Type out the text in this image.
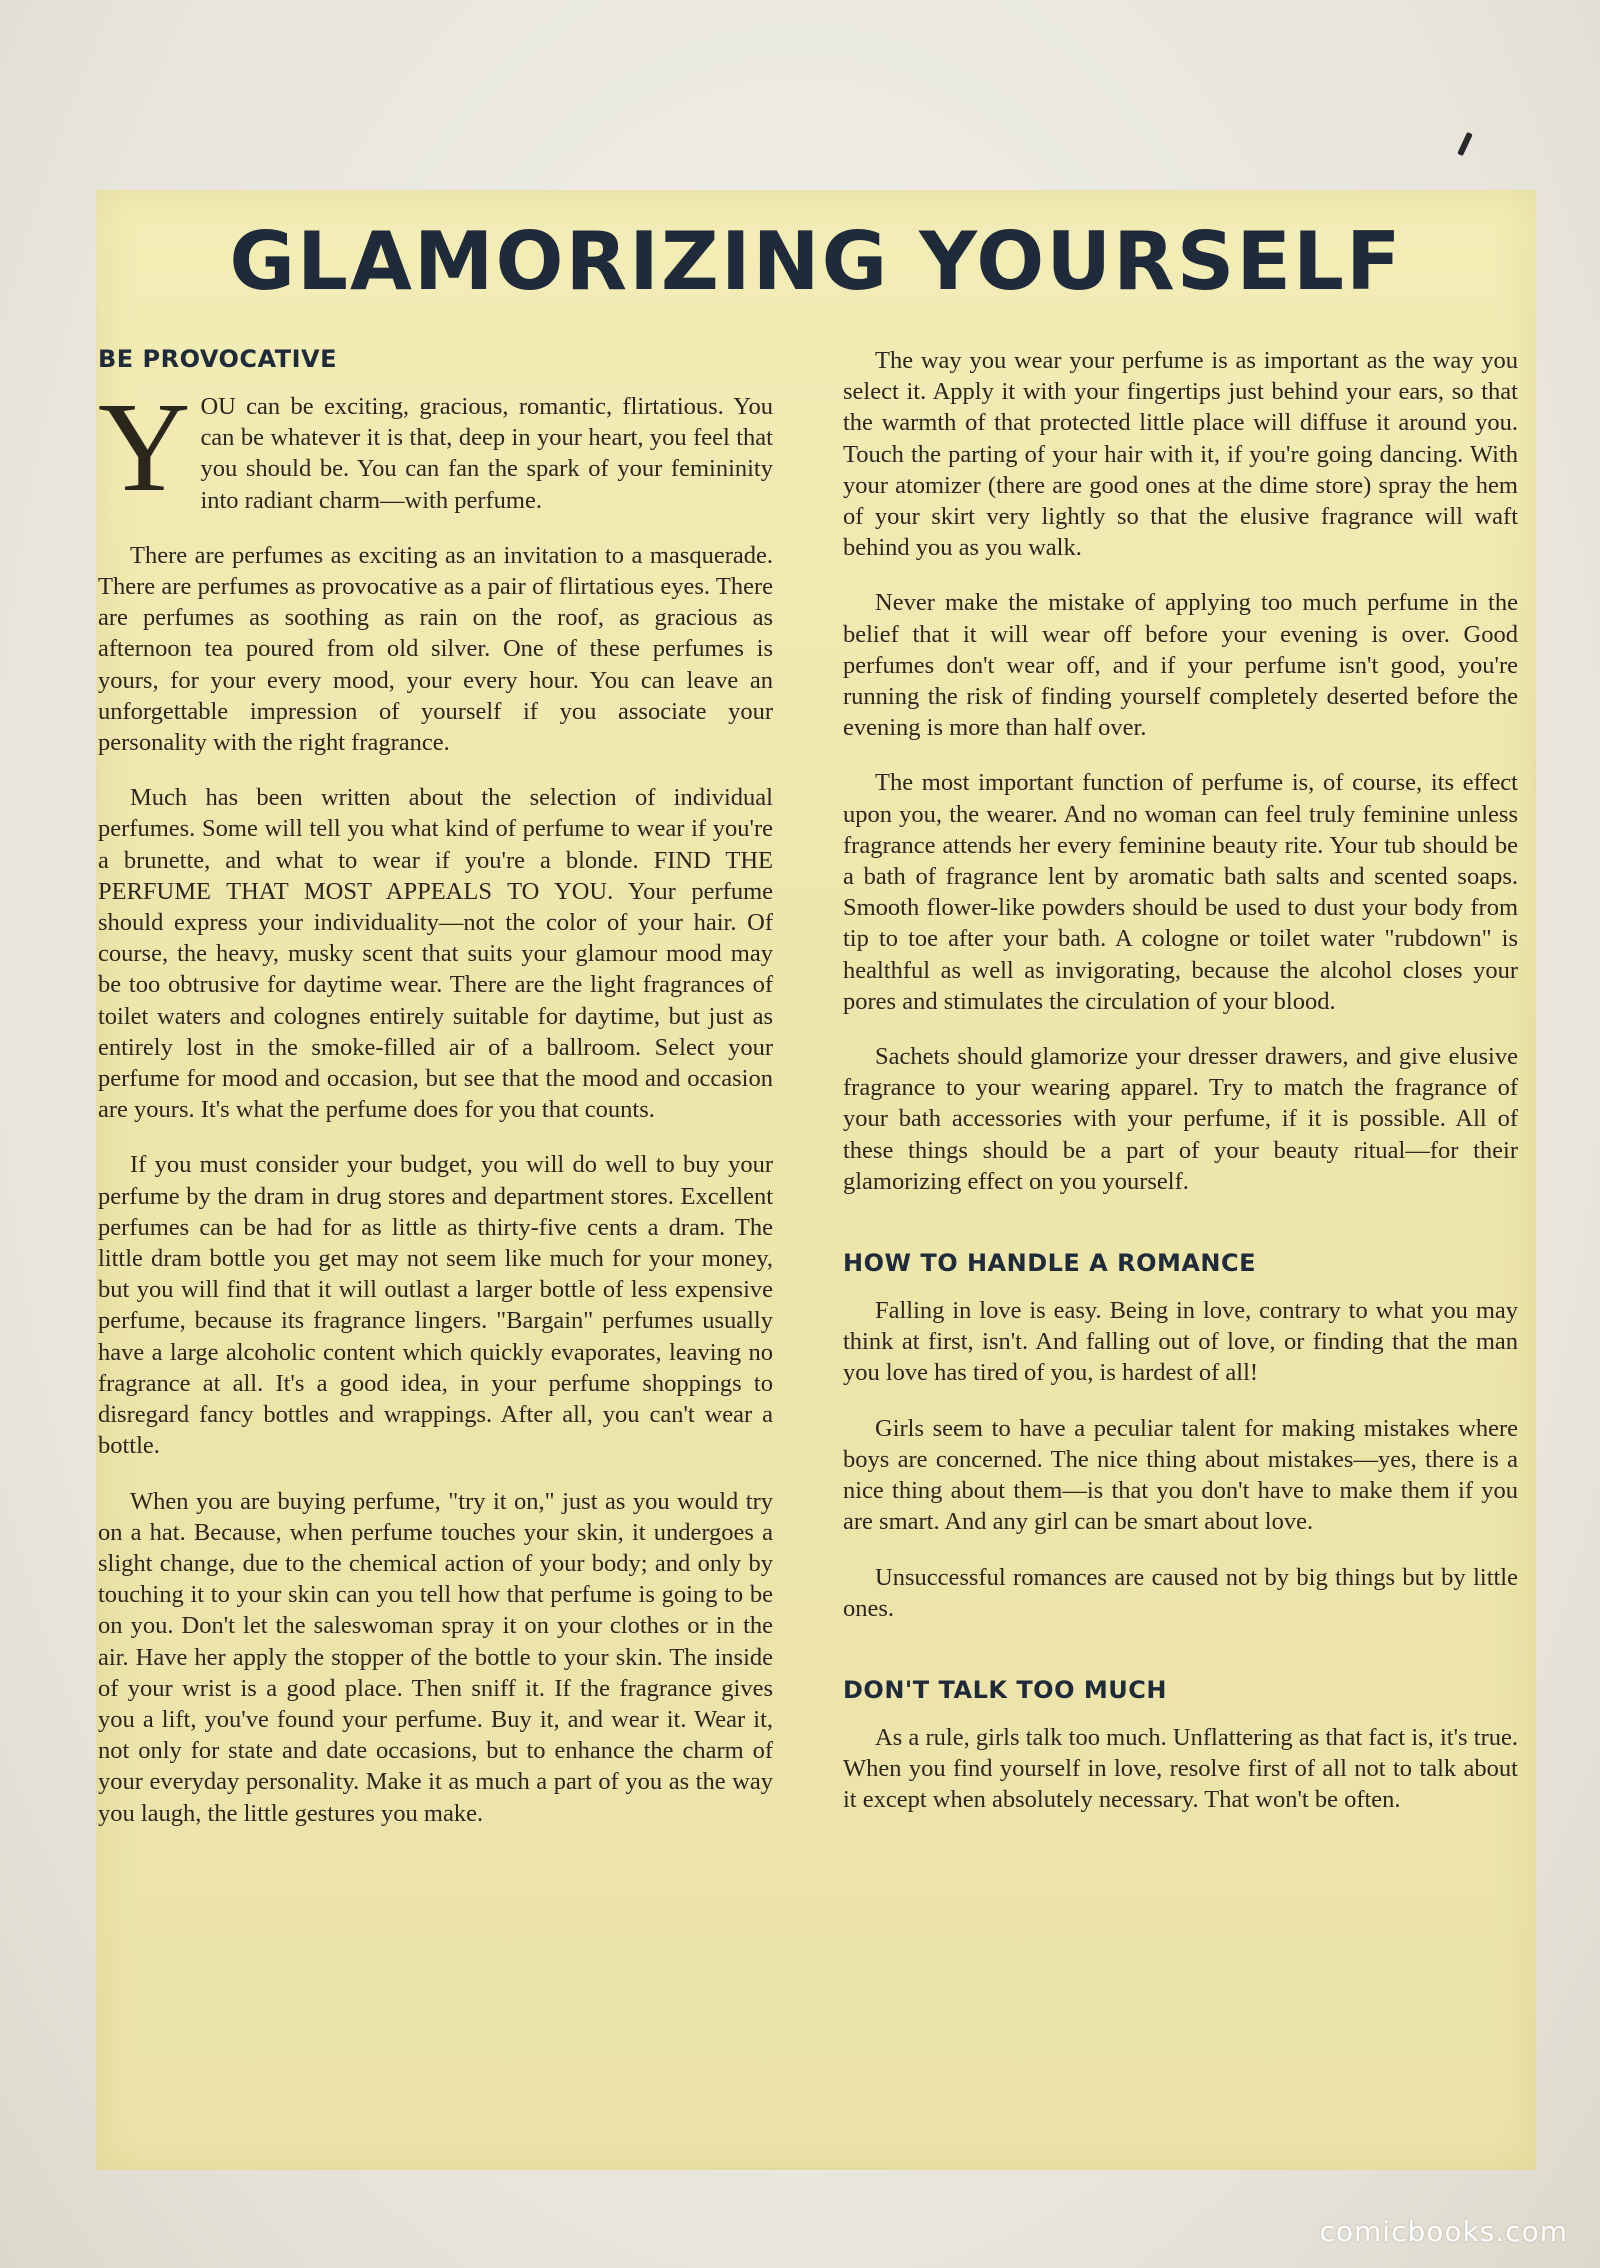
GLAMORIZING YOURSELF
BE PROVOCATIVE

YOU can be exciting, gracious, romantic, flirtatious. You can be whatever it is that, deep in your heart, you feel that you should be. You can fan the spark of your femininity into radiant charm—with perfume.

There are perfumes as exciting as an invitation to a masquerade. There are perfumes as provocative as a pair of flirtatious eyes. There are perfumes as soothing as rain on the roof, as gracious as afternoon tea poured from old silver. One of these perfumes is yours, for your every mood, your every hour. You can leave an unforgettable impression of yourself if you associate your personality with the right fragrance.

Much has been written about the selection of individual perfumes. Some will tell you what kind of perfume to wear if you're a brunette, and what to wear if you're a blonde. FIND THE PERFUME THAT MOST APPEALS TO YOU. Your perfume should express your individuality—not the color of your hair. Of course, the heavy, musky scent that suits your glamour mood may be too obtrusive for daytime wear. There are the light fragrances of toilet waters and colognes entirely suitable for daytime, but just as entirely lost in the smoke-filled air of a ballroom. Select your perfume for mood and occasion, but see that the mood and occasion are yours. It's what the perfume does for you that counts.

If you must consider your budget, you will do well to buy your perfume by the dram in drug stores and department stores. Excellent perfumes can be had for as little as thirty-five cents a dram. The little dram bottle you get may not seem like much for your money, but you will find that it will outlast a larger bottle of less expensive perfume, because its fragrance lingers. "Bargain" perfumes usually have a large alcoholic content which quickly evaporates, leaving no fragrance at all. It's a good idea, in your perfume shoppings to disregard fancy bottles and wrappings. After all, you can't wear a bottle.

When you are buying perfume, "try it on," just as you would try on a hat. Because, when perfume touches your skin, it undergoes a slight change, due to the chemical action of your body; and only by touching it to your skin can you tell how that perfume is going to be on you. Don't let the saleswoman spray it on your clothes or in the air. Have her apply the stopper of the bottle to your skin. The inside of your wrist is a good place. Then sniff it. If the fragrance gives you a lift, you've found your perfume. Buy it, and wear it. Wear it, not only for state and date occasions, but to enhance the charm of your everyday personality. Make it as much a part of you as the way you laugh, the little gestures you make.

The way you wear your perfume is as important as the way you select it. Apply it with your fingertips just behind your ears, so that the warmth of that protected little place will diffuse it around you. Touch the parting of your hair with it, if you're going dancing. With your atomizer (there are good ones at the dime store) spray the hem of your skirt very lightly so that the elusive fragrance will waft behind you as you walk.

Never make the mistake of applying too much perfume in the belief that it will wear off before your evening is over. Good perfumes don't wear off, and if your perfume isn't good, you're running the risk of finding yourself completely deserted before the evening is more than half over.

The most important function of perfume is, of course, its effect upon you, the wearer. And no woman can feel truly feminine unless fragrance attends her every feminine beauty rite. Your tub should be a bath of fragrance lent by aromatic bath salts and scented soaps. Smooth flower-like powders should be used to dust your body from tip to toe after your bath. A cologne or toilet water "rubdown" is healthful as well as invigorating, because the alcohol closes your pores and stimulates the circulation of your blood.

Sachets should glamorize your dresser drawers, and give elusive fragrance to your wearing apparel. Try to match the fragrance of your bath accessories with your perfume, if it is possible. All of these things should be a part of your beauty ritual—for their glamorizing effect on you yourself.

HOW TO HANDLE A ROMANCE

Falling in love is easy. Being in love, contrary to what you may think at first, isn't. And falling out of love, or finding that the man you love has tired of you, is hardest of all!

Girls seem to have a peculiar talent for making mistakes where boys are concerned. The nice thing about mistakes—yes, there is a nice thing about them—is that you don't have to make them if you are smart. And any girl can be smart about love.

Unsuccessful romances are caused not by big things but by little ones.

DON'T TALK TOO MUCH

As a rule, girls talk too much. Unflattering as that fact is, it's true. When you find yourself in love, resolve first of all not to talk about it except when absolutely necessary. That won't be often.

comicbooks.com
